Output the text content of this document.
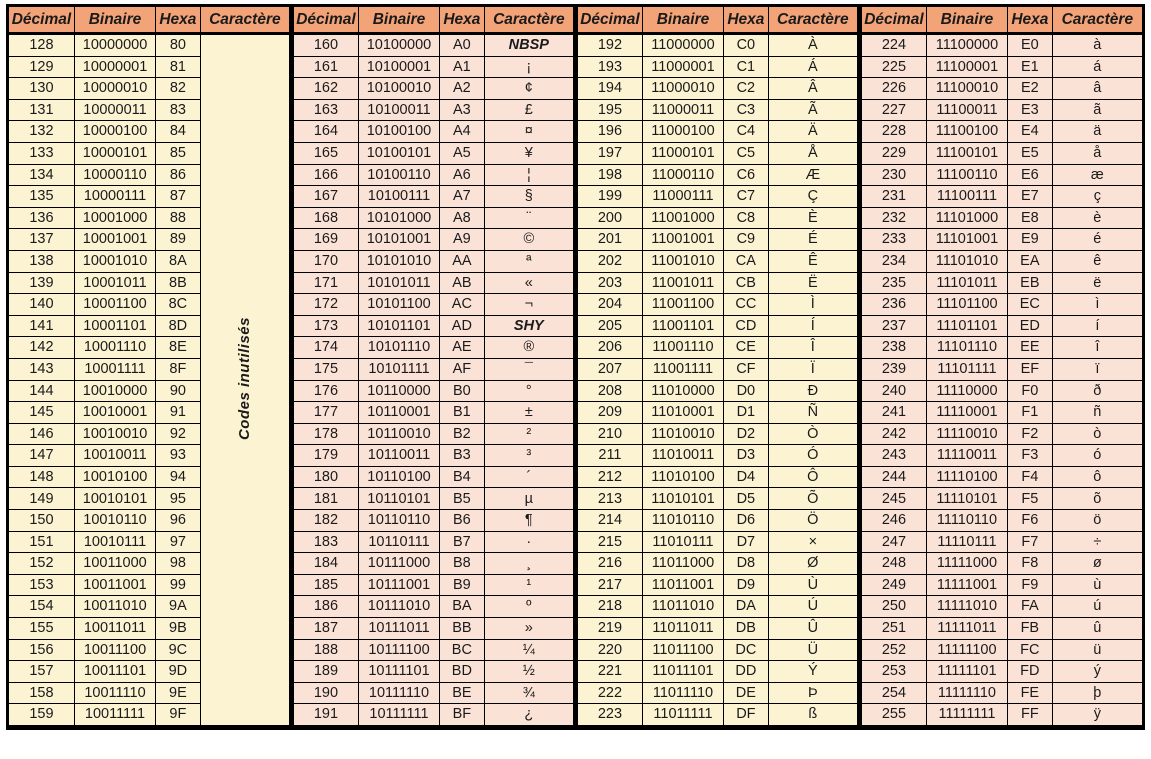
Décimal	Binaire	Hexa	Caractère	Décimal	Binaire	Hexa	Caractère	Décimal	Binaire	Hexa	Caractère	Décimal	Binaire	Hexa	Caractère
128	10000000	80	Codes inutilisés	160	10100000	A0	NBSP	192	11000000	C0	À	224	11100000	E0	à
129	10000001	81		161	10100001	A1	¡	193	11000001	C1	Á	225	11100001	E1	á
130	10000010	82		162	10100010	A2	¢	194	11000010	C2	Â	226	11100010	E2	â
131	10000011	83		163	10100011	A3	£	195	11000011	C3	Ã	227	11100011	E3	ã
132	10000100	84		164	10100100	A4	¤	196	11000100	C4	Ä	228	11100100	E4	ä
133	10000101	85		165	10100101	A5	¥	197	11000101	C5	Å	229	11100101	E5	å
134	10000110	86		166	10100110	A6	¦	198	11000110	C6	Æ	230	11100110	E6	æ
135	10000111	87		167	10100111	A7	§	199	11000111	C7	Ç	231	11100111	E7	ç
136	10001000	88		168	10101000	A8	¨	200	11001000	C8	È	232	11101000	E8	è
137	10001001	89		169	10101001	A9	©	201	11001001	C9	É	233	11101001	E9	é
138	10001010	8A		170	10101010	AA	ª	202	11001010	CA	Ê	234	11101010	EA	ê
139	10001011	8B		171	10101011	AB	«	203	11001011	CB	Ë	235	11101011	EB	ë
140	10001100	8C		172	10101100	AC	¬	204	11001100	CC	Ì	236	11101100	EC	ì
141	10001101	8D		173	10101101	AD	SHY	205	11001101	CD	Í	237	11101101	ED	í
142	10001110	8E		174	10101110	AE	®	206	11001110	CE	Î	238	11101110	EE	î
143	10001111	8F		175	10101111	AF	¯	207	11001111	CF	Ï	239	11101111	EF	ï
144	10010000	90		176	10110000	B0	°	208	11010000	D0	Ð	240	11110000	F0	ð
145	10010001	91		177	10110001	B1	±	209	11010001	D1	Ñ	241	11110001	F1	ñ
146	10010010	92		178	10110010	B2	²	210	11010010	D2	Ò	242	11110010	F2	ò
147	10010011	93		179	10110011	B3	³	211	11010011	D3	Ó	243	11110011	F3	ó
148	10010100	94		180	10110100	B4	´	212	11010100	D4	Ô	244	11110100	F4	ô
149	10010101	95		181	10110101	B5	µ	213	11010101	D5	Õ	245	11110101	F5	õ
150	10010110	96		182	10110110	B6	¶	214	11010110	D6	Ö	246	11110110	F6	ö
151	10010111	97		183	10110111	B7	·	215	11010111	D7	×	247	11110111	F7	÷
152	10011000	98		184	10111000	B8	¸	216	11011000	D8	Ø	248	11111000	F8	ø
153	10011001	99		185	10111001	B9	¹	217	11011001	D9	Ù	249	11111001	F9	ù
154	10011010	9A		186	10111010	BA	º	218	11011010	DA	Ú	250	11111010	FA	ú
155	10011011	9B		187	10111011	BB	»	219	11011011	DB	Û	251	11111011	FB	û
156	10011100	9C		188	10111100	BC	¼	220	11011100	DC	Ü	252	11111100	FC	ü
157	10011101	9D		189	10111101	BD	½	221	11011101	DD	Ý	253	11111101	FD	ý
158	10011110	9E		190	10111110	BE	¾	222	11011110	DE	Þ	254	11111110	FE	þ
159	10011111	9F		191	10111111	BF	¿	223	11011111	DF	ß	255	11111111	FF	ÿ
